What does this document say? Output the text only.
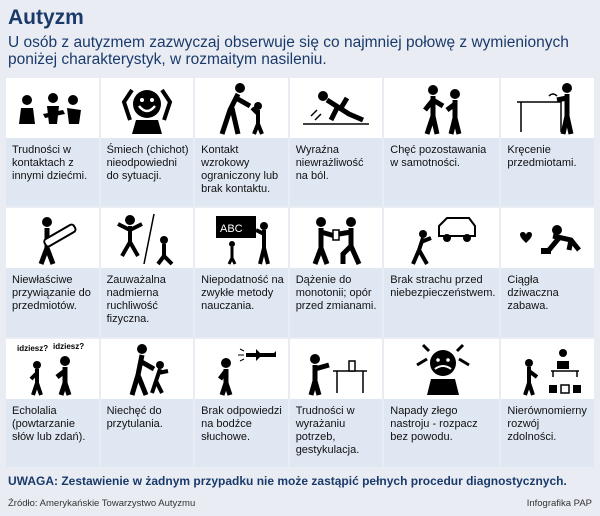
Autyzm
U osób z autyzmem zazwyczaj obserwuje się co najmniej połowę z wymienionych poniżej charakterystyk, w rozmaitym nasileniu.
Trudności w kontaktach z innymi dziećmi.
Śmiech (chichot) nieodpowiedni do sytuacji.
Kontakt wzrokowy ograniczony lub brak kontaktu.
Wyraźna niewrażliwość na ból.
Chęć pozostawania w samotności.
Kręcenie przedmiotami.
Niewłaściwe przywiązanie do przedmiotów.
Zauważalna nadmierna ruchliwość fizyczna.
ABC
Niepodatność na zwykłe metody nauczania.
Dążenie do monotonii; opór przed zmianami.
Brak strachu przed niebezpieczeństwem.
Ciągła dziwaczna zabawa.
idziesz? idziesz?
Echolalia (powtarzanie słów lub zdań).
Niechęć do przytulania.
Brak odpowiedzi na bodźce słuchowe.
Trudności w wyrażaniu potrzeb, gestykulacja.
Napady złego nastroju - rozpacz bez powodu.
Nierównomierny rozwój zdolności.
UWAGA: Zestawienie w żadnym przypadku nie może zastąpić pełnych procedur diagnostycznych.
Źródło: Amerykańskie Towarzystwo Autyzmu	Infografika PAP
